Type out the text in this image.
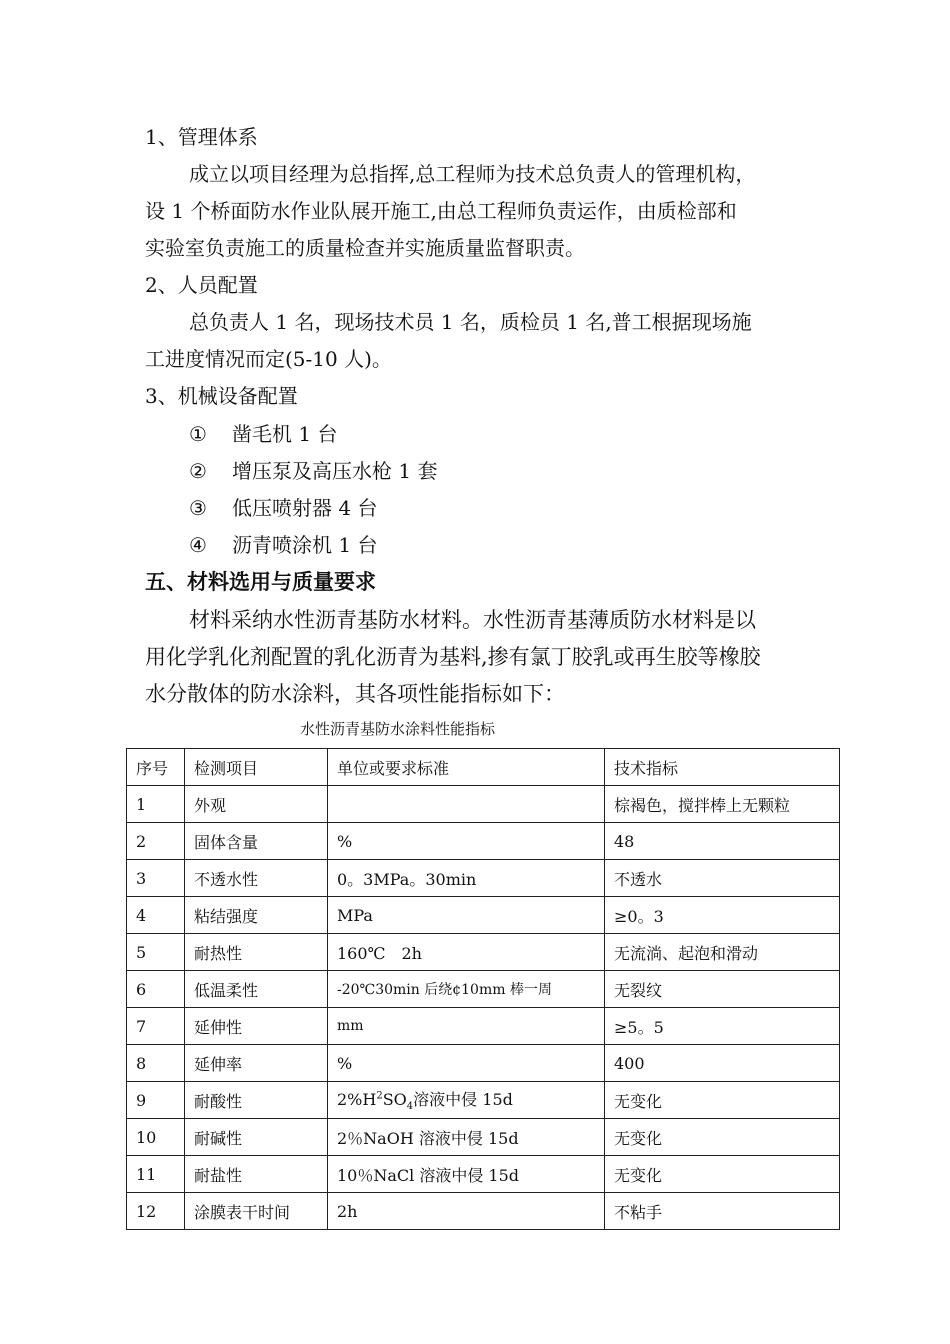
1、管理体系
成立以项目经理为总指挥,总工程师为技术总负责人的管理机构，
设 1 个桥面防水作业队展开施工,由总工程师负责运作，由质检部和
实验室负责施工的质量检查并实施质量监督职责。
2、人员配置
总负责人 1 名，现场技术员 1 名，质检员 1 名,普工根据现场施
工进度情况而定(5-10 人)。
3、机械设备配置
① 凿毛机 1 台
② 增压泵及高压水枪 1 套
③ 低压喷射器 4 台
④ 沥青喷涂机 1 台
五、材料选用与质量要求
材料采纳水性沥青基防水材料。水性沥青基薄质防水材料是以
用化学乳化剂配置的乳化沥青为基料,掺有氯丁胶乳或再生胶等橡胶
水分散体的防水涂料，其各项性能指标如下：
水性沥青基防水涂料性能指标
序号	检测项目	单位或要求标准	技术指标
1	外观		棕褐色，搅拌棒上无颗粒
2	固体含量	%	48
3	不透水性	0。3MPa。30min	不透水
4	粘结强度	MPa	≥0。3
5	耐热性	160℃　2h	无流淌、起泡和滑动
6	低温柔性	-20℃30min 后绕¢10mm 棒一周	无裂纹
7	延伸性	mm	≥5。5
8	延伸率	%	400
9	耐酸性	$2\%H^2SO_4$溶液中侵 15d	无变化
10	耐碱性	2％NaOH 溶液中侵 15d	无变化
11	耐盐性	10％NaCl 溶液中侵 15d	无变化
12	涂膜表干时间	2h	不粘手
